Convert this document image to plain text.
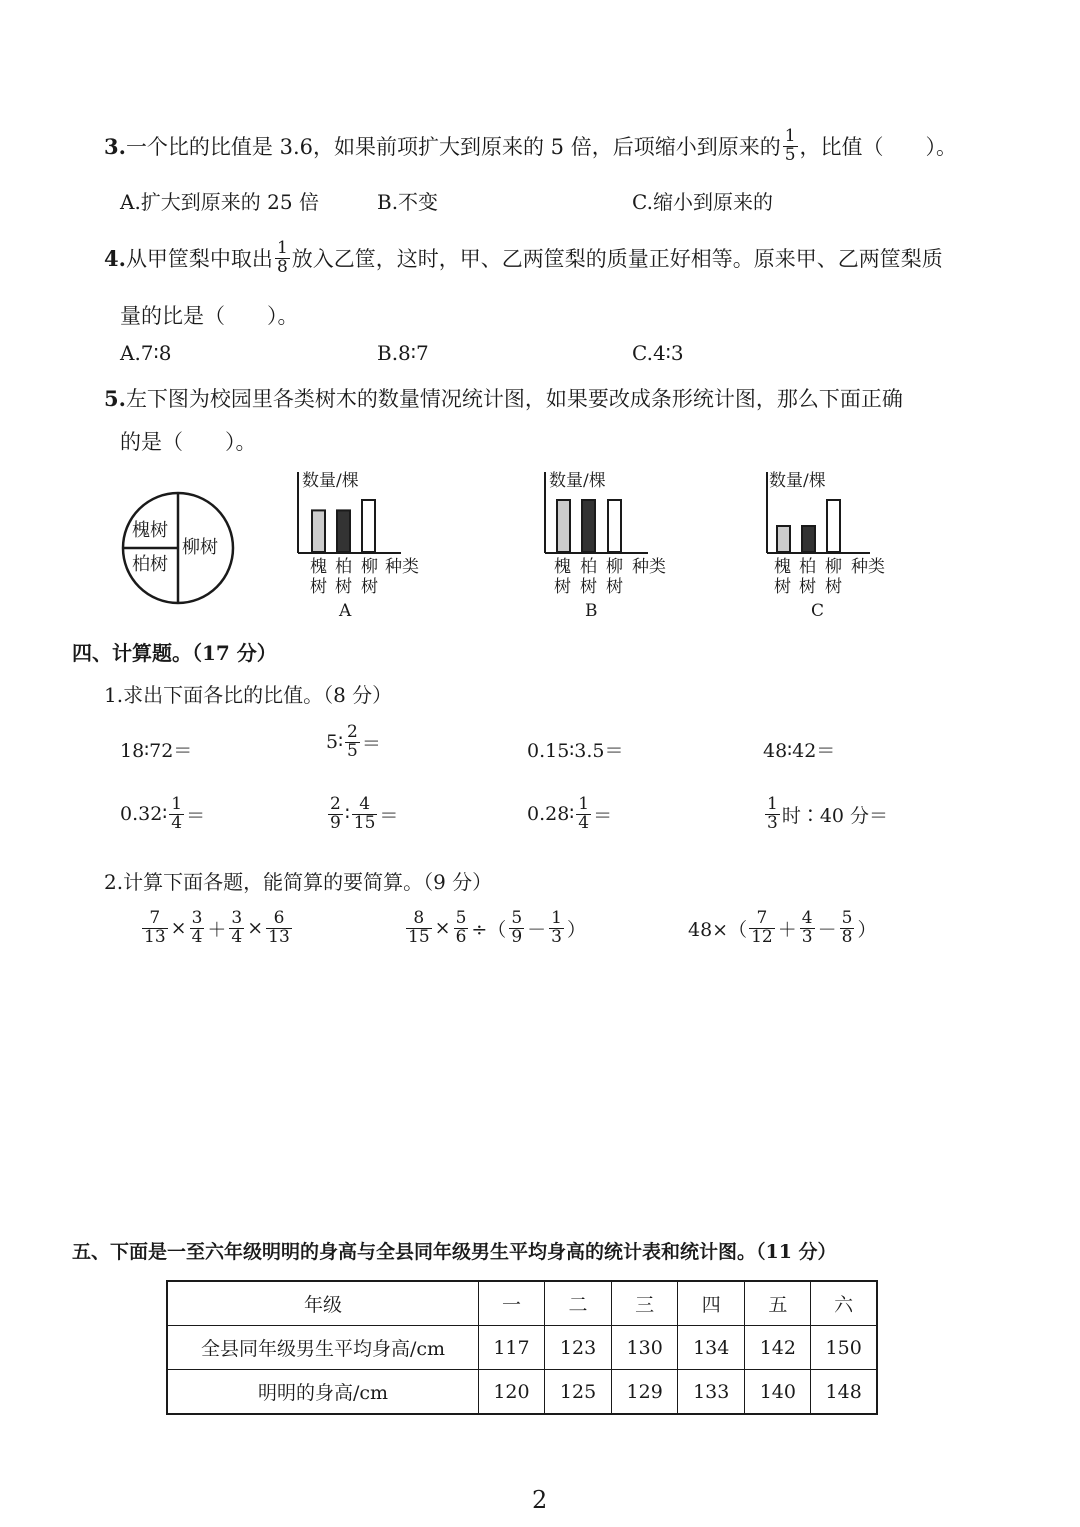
3. 一个比的比值是 3.6，如果前项扩大到原来的 5 倍，后项缩小到原来的 $\frac{1}{5}$ ，比值（　　）。
A.扩大到原来的 25 倍	B.不变	C.缩小到原来的
4. 从甲筐梨中取出 $\frac{1}{8}$ 放入乙筐，这时，甲、乙两筐梨的质量正好相等。原来甲、乙两筐梨质
量的比是（　　）。
A.7∶8	B.8∶7	C.4∶3
5.左下图为校园里各类树木的数量情况统计图，如果要改成条形统计图，那么下面正确
的是（　　）。
槐树
柏树
柳树
数量/棵
槐
树
柏
树
柳
树
种类
A
数量/棵
槐
树
柏
树
柳
树
种类
B
数量/棵
槐
树
柏
树
柳
树
种类
C
四、计算题。（17 分）
1.求出下面各比的比值。（8 分）
18∶72＝	5∶ $\frac{2}{5}$ ＝	0.15∶3.5＝	48∶42＝
0.32∶ $\frac{1}{4}$ ＝	$\frac{2}{9}$ ∶ $\frac{4}{15}$ ＝	0.28∶ $\frac{1}{4}$ ＝	$\frac{1}{3}$ 时∶40 分＝
2.计算下面各题，能简算的要简算。（9 分）
$\frac{7}{13} \times \frac{3}{4} + \frac{3}{4} \times \frac{6}{13}$	$\frac{8}{15} \times \frac{5}{6}$ ÷（ $\frac{5}{9} - \frac{1}{3}$ ）	$48\times( \frac{7}{12} + \frac{4}{3} - \frac{5}{8}$ ）
五、下面是一至六年级明明的身高与全县同年级男生平均身高的统计表和统计图。（11 分）
年级	一	二	三	四	五	六
全县同年级男生平均身高/cm	117	123	130	134	142	150
明明的身高/cm	120	125	129	133	140	148
2
